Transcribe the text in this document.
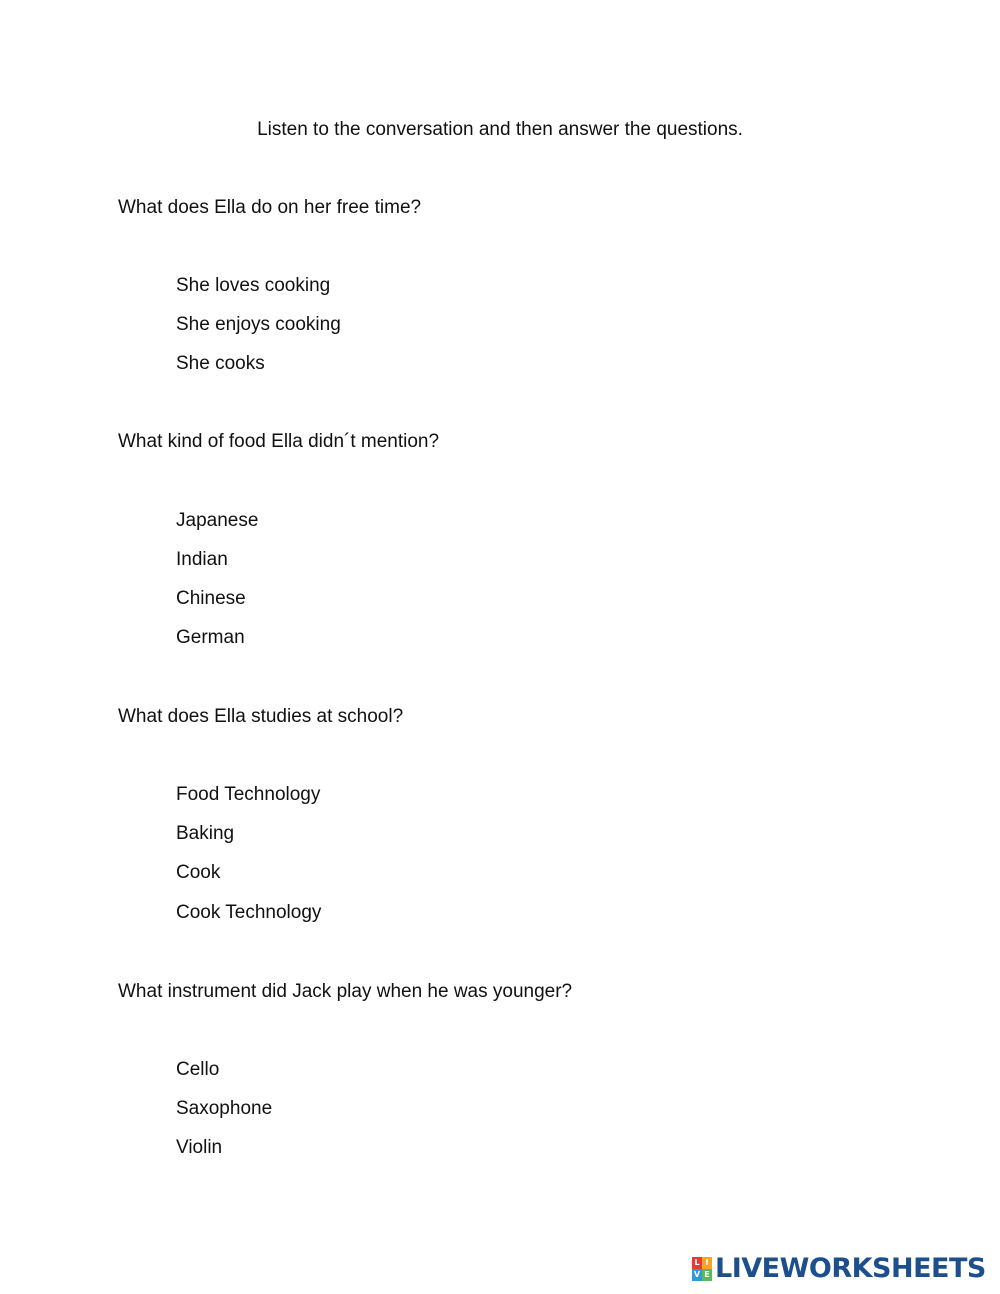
Listen to the conversation and then answer the questions.
What does Ella do on her free time?
She loves cooking
She enjoys cooking
She cooks
What kind of food Ella didn´t mention?
Japanese
Indian
Chinese
German
What does Ella studies at school?
Food Technology
Baking
Cook
Cook Technology
What instrument did Jack play when he was younger?
Cello
Saxophone
Violin
L I
V E LIVEWORKSHEETS
